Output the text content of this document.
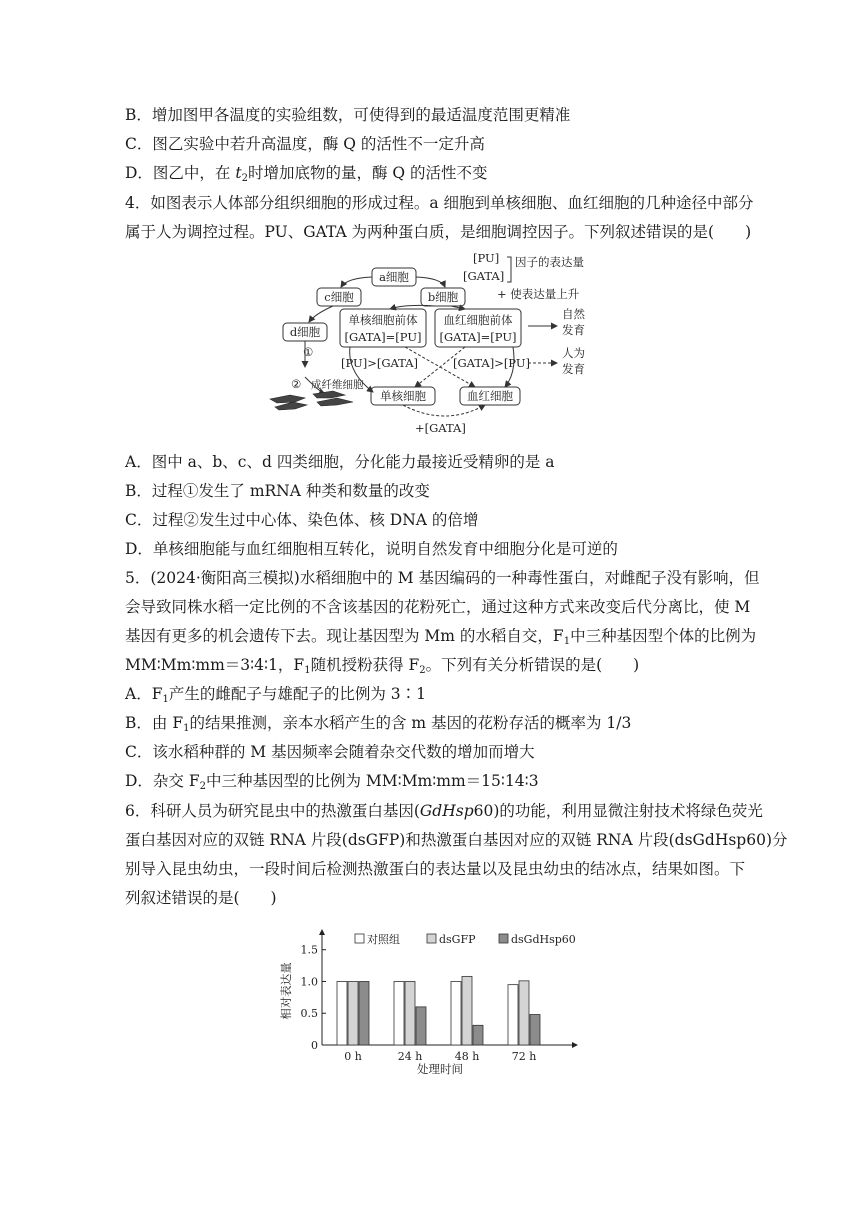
B．增加图甲各温度的实验组数，可使得到的最适温度范围更精准
C．图乙实验中若升高温度，酶 Q 的活性不一定升高
D．图乙中，在 $t_2$时增加底物的量，酶 Q 的活性不变
4．如图表示人体部分组织细胞的形成过程。a 细胞到单核细胞、血红细胞的几种途径中部分
属于人为调控过程。PU、GATA 为两种蛋白质，是细胞调控因子。下列叙述错误的是(　　)
a细胞
c细胞	b细胞
d细胞
单核细胞前体
[GATA]=[PU]
血红细胞前体
[GATA]=[PU]
[PU]>[GATA]	[GATA]>[PU]
单核细胞	血红细胞
+[GATA]
①
② 成纤维细胞
[PU]
[GATA]
因子的表达量
+ 使表达量上升
自然
发育
人为
发育
A．图中 a、b、c、d 四类细胞，分化能力最接近受精卵的是 a
B．过程①发生了 mRNA 种类和数量的改变
C．过程②发生过中心体、染色体、核 DNA 的倍增
D．单核细胞能与血红细胞相互转化，说明自然发育中细胞分化是可逆的
5．(2024·衡阳高三模拟)水稻细胞中的 M 基因编码的一种毒性蛋白，对雌配子没有影响，但
会导致同株水稻一定比例的不含该基因的花粉死亡，通过这种方式来改变后代分离比，使 M
基因有更多的机会遗传下去。现让基因型为 Mm 的水稻自交，$F_1$中三种基因型个体的比例为
MM∶Mm∶mm＝3∶4∶1，$F_1$随机授粉获得 $F_2$。下列有关分析错误的是(　　)
A．$F_1$产生的雌配子与雄配子的比例为 3∶1
B．由 $F_1$的结果推测，亲本水稻产生的含 m 基因的花粉存活的概率为 1/3
C．该水稻种群的 M 基因频率会随着杂交代数的增加而增大
D．杂交 $F_2$中三种基因型的比例为 MM∶Mm∶mm＝15∶14∶3
6．科研人员为研究昆虫中的热激蛋白基因(GdHsp60)的功能，利用显微注射技术将绿色荧光
蛋白基因对应的双链 RNA 片段(dsGFP)和热激蛋白基因对应的双链 RNA 片段(dsGdHsp60)分
别导入昆虫幼虫，一段时间后检测热激蛋白的表达量以及昆虫幼虫的结冰点，结果如图。下
列叙述错误的是(　　)
0
0.5
1.0
1.5
相对表达量
处理时间
0 h	24 h	48 h	72 h
对照组	dsGFP	dsGdHsp60
